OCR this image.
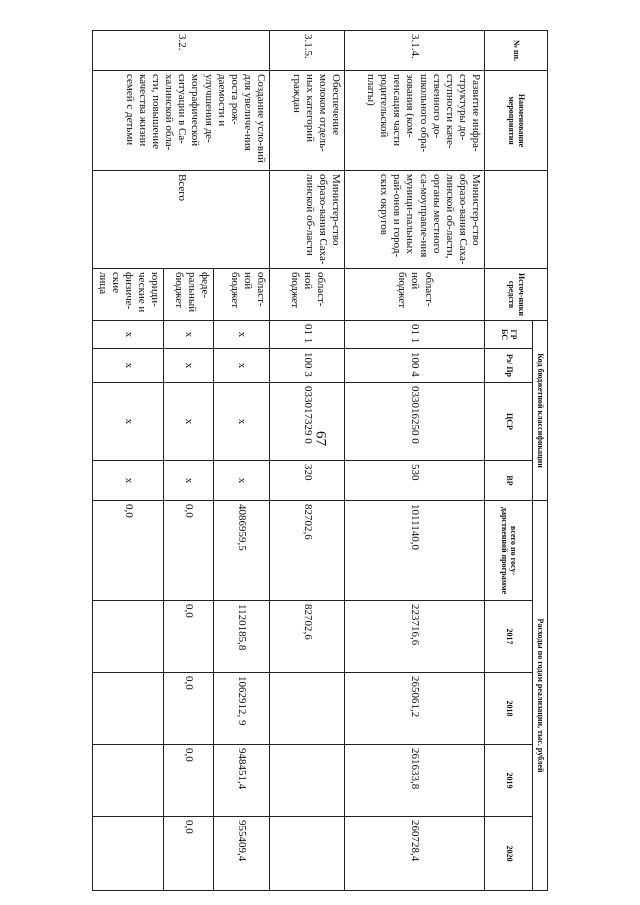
67
№ пп.	Наименование мероприятия		Источ-ники средств	Код бюджетной классификации				Расходы по годам реализации, тыс. рублей				
				ГР БС	Рз/ Пр	ЦСР	ВР	всего по госу-дарственной программе	2017	2018	2019	2020
3.1.4.	Развитие инфра-структуры до-ступности каче-ственного до-школьного обра-зования (ком-пенсация части родительской платы)	Министер-ство образо-вания Саха-линской об-ласти, органы местного са-моуправле-ния муници-пальных рай-онов и город-ских округов	област-ной бюджет	01 1	100 4	033016250 0	530	1011140,0	223716,6	265061,2	261633,8	260728,4
3.1.5.	Обеспечение молоком отдель-ных категорий граждан	Министер-ство образо-вания Саха-линской об-ласти	област-ной бюджет	01 1	100 3	033017329 0	320	82702,6	82702,6			
3.2.	Создание усло-вий для увеличе-ния роста рож-даемости и улучшения де-мографической ситуации в Са-халинской обла-сти, повышение качества жизни семей с детьми	Всего	област-ной бюджет	х	х	х	х	4086959,5	1120185,8	1062912, 9	948451,4	955409,4
			феде-ральный бюджет	х	х	х	х	0,0	0,0	0,0	0,0	0,0
			юриди-ческие и физиче-ские лица	х	х	х	х	0,0				
